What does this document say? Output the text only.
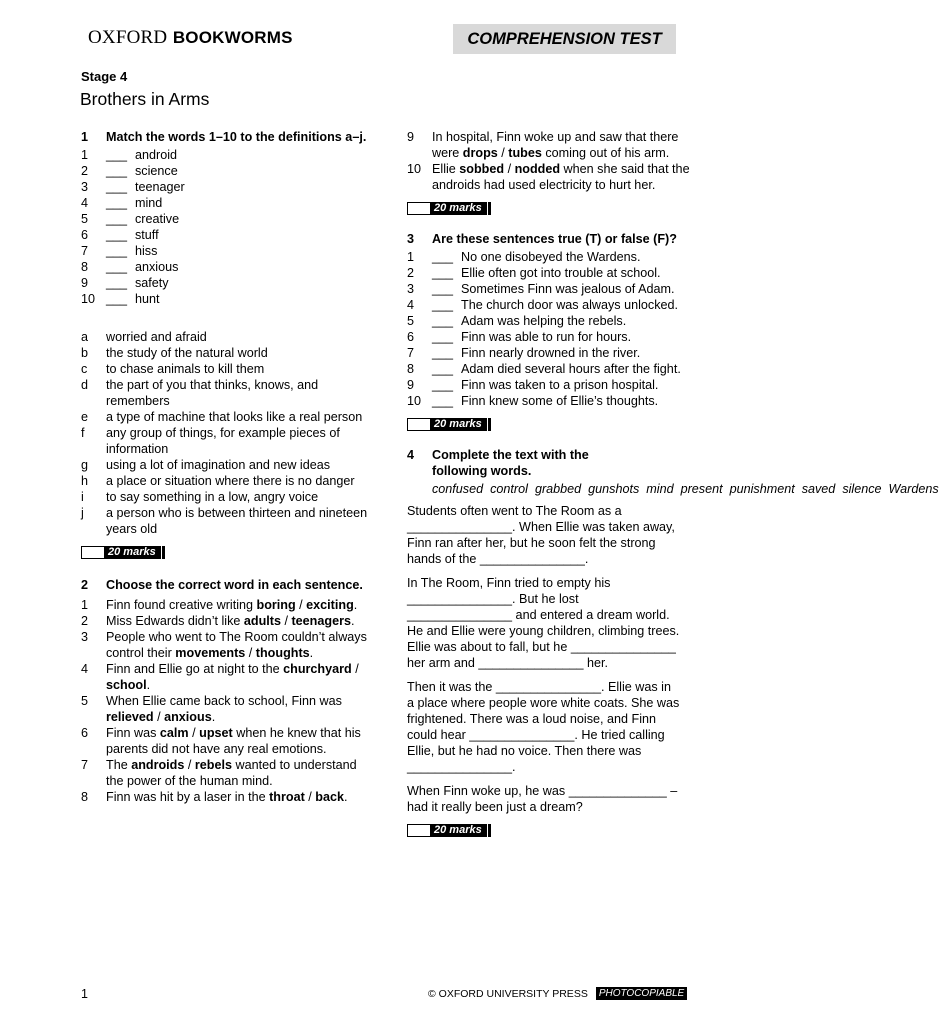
OXFORD BOOKWORMS	COMPREHENSION TEST
Stage 4
Brothers in Arms
1	Match the words 1–10 to the definitions a–j.
1	___ android
2	___ science
3	___ teenager
4	___ mind
5	___ creative
6	___ stuff
7	___ hiss
8	___ anxious
9	___ safety
10 ___ hunt
a	worried and afraid
b	the study of the natural world
c	to chase animals to kill them
d	the part of you that thinks, knows, and remembers
e	a type of machine that looks like a real person
f	any group of things, for example pieces of information
g	using a lot of imagination and new ideas
h	a place or situation where there is no danger
i	to say something in a low, angry voice
j	a person who is between thirteen and nineteen years old
20 marks
2	Choose the correct word in each sentence.
1	Finn found creative writing boring / exciting.
2	Miss Edwards didn’t like adults / teenagers.
3	People who went to The Room couldn’t always control their movements / thoughts.
4	Finn and Ellie go at night to the churchyard / school.
5	When Ellie came back to school, Finn was relieved / anxious.
6	Finn was calm / upset when he knew that his parents did not have any real emotions.
7	The androids / rebels wanted to understand the power of the human mind.
8	Finn was hit by a laser in the throat / back.
9	In hospital, Finn woke up and saw that there were drops / tubes coming out of his arm.
10 Ellie sobbed / nodded when she said that the androids had used electricity to hurt her.
20 marks
3	Are these sentences true (T) or false (F)?
1	___ No one disobeyed the Wardens.
2	___ Ellie often got into trouble at school.
3	___ Sometimes Finn was jealous of Adam.
4	___ The church door was always unlocked.
5	___ Adam was helping the rebels.
6	___ Finn was able to run for hours.
7	___ Finn nearly drowned in the river.
8	___ Adam died several hours after the fight.
9	___ Finn was taken to a prison hospital.
10 ___ Finn knew some of Ellie’s thoughts.
20 marks
4	Complete the text with the following words.
confused control grabbed gunshots mind present punishment saved silence Wardens
Students often went to The Room as a
_______________. When Ellie was taken away,
Finn ran after her, but he soon felt the strong
hands of the _______________.
In The Room, Finn tried to empty his
_______________. But he lost
_______________ and entered a dream world.
He and Ellie were young children, climbing trees.
Ellie was about to fall, but he _______________
her arm and _______________ her.
Then it was the _______________. Ellie was in
a place where people wore white coats. She was
frightened. There was a loud noise, and Finn
could hear _______________. He tried calling
Ellie, but he had no voice. Then there was
_______________.
When Finn woke up, he was ______________ –
had it really been just a dream?
20 marks
1	© OXFORD UNIVERSITY PRESS	PHOTOCOPIABLE
